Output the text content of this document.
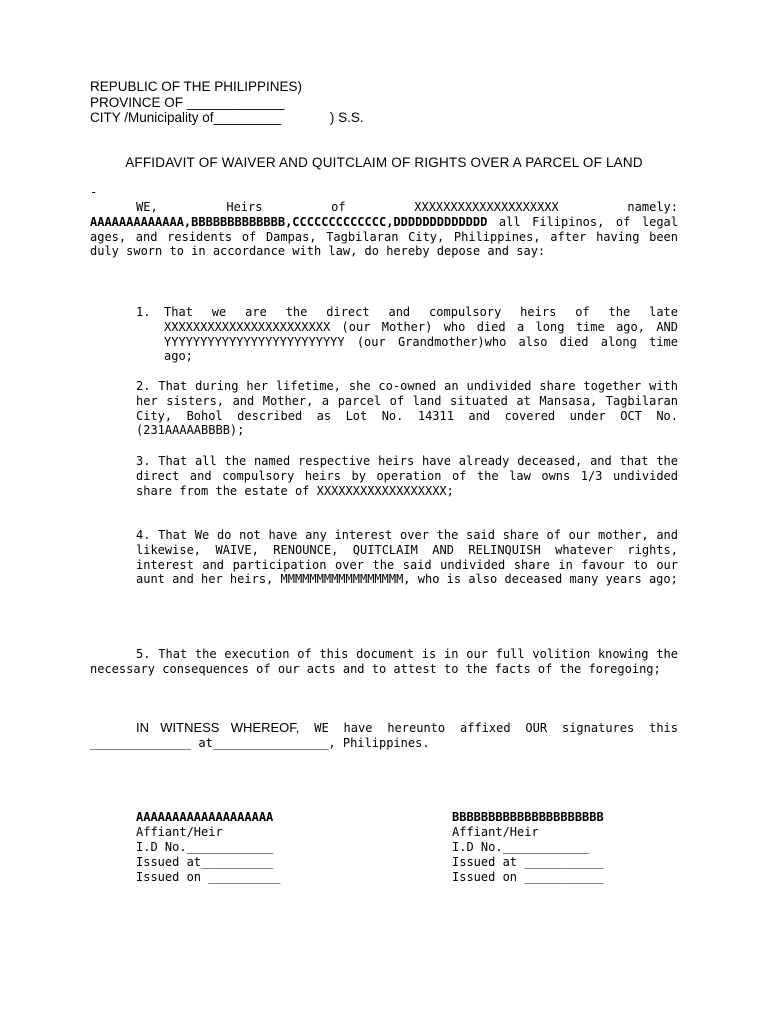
REPUBLIC OF THE PHILIPPINES)
PROVINCE OF _____________
CITY /Municipality of_________             ) S.S.
AFFIDAVIT OF WAIVER AND QUITCLAIM OF RIGHTS OVER A PARCEL OF LAND
-
WE, Heirs of XXXXXXXXXXXXXXXXXXXX namely:
AAAAAAAAAAAAA,BBBBBBBBBBBBB,CCCCCCCCCCCCC,DDDDDDDDDDDDD all Filipinos, of legal ages, and residents of Dampas, Tagbilaran City, Philippines, after having been duly sworn to in accordance with law, do hereby depose and say:
1. That we are the direct and compulsory heirs of the late XXXXXXXXXXXXXXXXXXXXXXX (our Mother) who died a long time ago, AND YYYYYYYYYYYYYYYYYYYYYYYYY (our Grandmother)who also died along time ago;
2. That during her lifetime, she co-owned an undivided share together with her sisters, and Mother, a parcel of land situated at Mansasa, Tagbilaran City, Bohol described as Lot No. 14311 and covered under OCT No. (231AAAAABBBB);
3. That all the named respective heirs have already deceased, and that the direct and compulsory heirs by operation of the law owns 1/3 undivided share from the estate of XXXXXXXXXXXXXXXXXX;
4. That We do not have any interest over the said share of our mother, and likewise, WAIVE, RENOUNCE, QUITCLAIM AND RELINQUISH whatever rights, interest and participation over the said undivided share in favour to our aunt and her heirs, MMMMMMMMMMMMMMMMM, who is also deceased many years ago;
5. That the execution of this document is in our full volition knowing the necessary consequences of our acts and to attest to the facts of the foregoing;
IN WITNESS WHEREOF, WE have hereunto affixed OUR signatures this ______________ at________________, Philippines.
AAAAAAAAAAAAAAAAAAA
Affiant/Heir
I.D No.____________
Issued at__________
Issued on __________
BBBBBBBBBBBBBBBBBBBBB
Affiant/Heir
I.D No.____________
Issued at ___________
Issued on ___________
